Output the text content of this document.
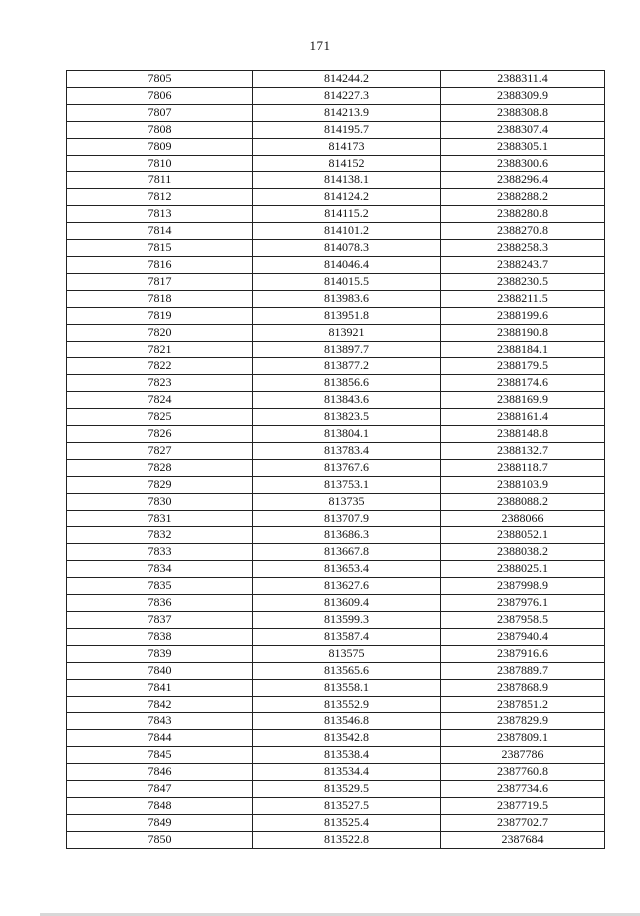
171
7805	814244.2	2388311.4
7806	814227.3	2388309.9
7807	814213.9	2388308.8
7808	814195.7	2388307.4
7809	814173	2388305.1
7810	814152	2388300.6
7811	814138.1	2388296.4
7812	814124.2	2388288.2
7813	814115.2	2388280.8
7814	814101.2	2388270.8
7815	814078.3	2388258.3
7816	814046.4	2388243.7
7817	814015.5	2388230.5
7818	813983.6	2388211.5
7819	813951.8	2388199.6
7820	813921	2388190.8
7821	813897.7	2388184.1
7822	813877.2	2388179.5
7823	813856.6	2388174.6
7824	813843.6	2388169.9
7825	813823.5	2388161.4
7826	813804.1	2388148.8
7827	813783.4	2388132.7
7828	813767.6	2388118.7
7829	813753.1	2388103.9
7830	813735	2388088.2
7831	813707.9	2388066
7832	813686.3	2388052.1
7833	813667.8	2388038.2
7834	813653.4	2388025.1
7835	813627.6	2387998.9
7836	813609.4	2387976.1
7837	813599.3	2387958.5
7838	813587.4	2387940.4
7839	813575	2387916.6
7840	813565.6	2387889.7
7841	813558.1	2387868.9
7842	813552.9	2387851.2
7843	813546.8	2387829.9
7844	813542.8	2387809.1
7845	813538.4	2387786
7846	813534.4	2387760.8
7847	813529.5	2387734.6
7848	813527.5	2387719.5
7849	813525.4	2387702.7
7850	813522.8	2387684
